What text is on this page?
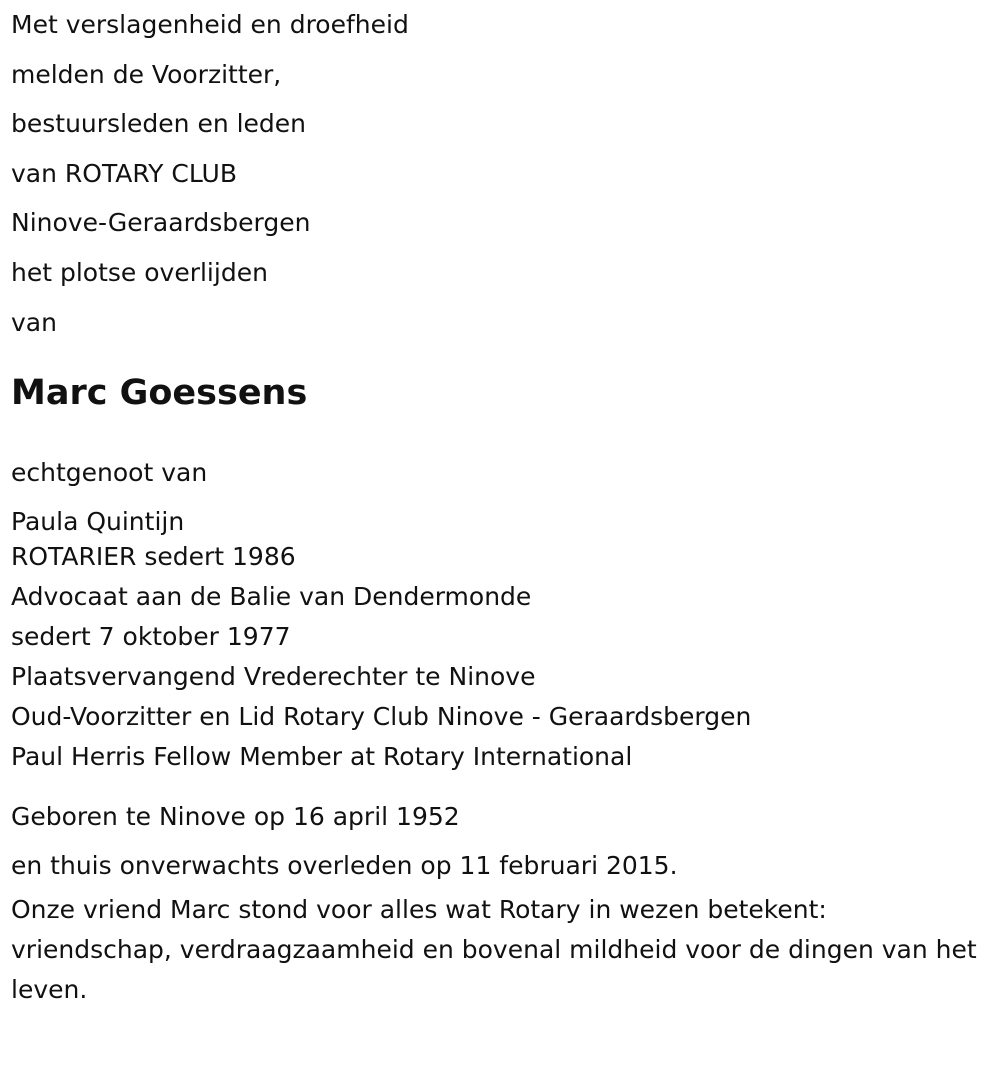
Met verslagenheid en droefheid

melden de Voorzitter,

bestuursleden en leden

van ROTARY CLUB

Ninove-Geraardsbergen

het plotse overlijden

van

Marc Goessens

echtgenoot van

Paula Quintijn

ROTARIER sedert 1986

Advocaat aan de Balie van Dendermonde

sedert 7 oktober 1977

Plaatsvervangend Vrederechter te Ninove

Oud-Voorzitter en Lid Rotary Club Ninove - Geraardsbergen

Paul Herris Fellow Member at Rotary International

Geboren te Ninove op 16 april 1952

en thuis onverwachts overleden op 11 februari 2015.

Onze vriend Marc stond voor alles wat Rotary in wezen betekent: vriendschap, verdraagzaamheid en bovenal mildheid voor de dingen van het leven.
